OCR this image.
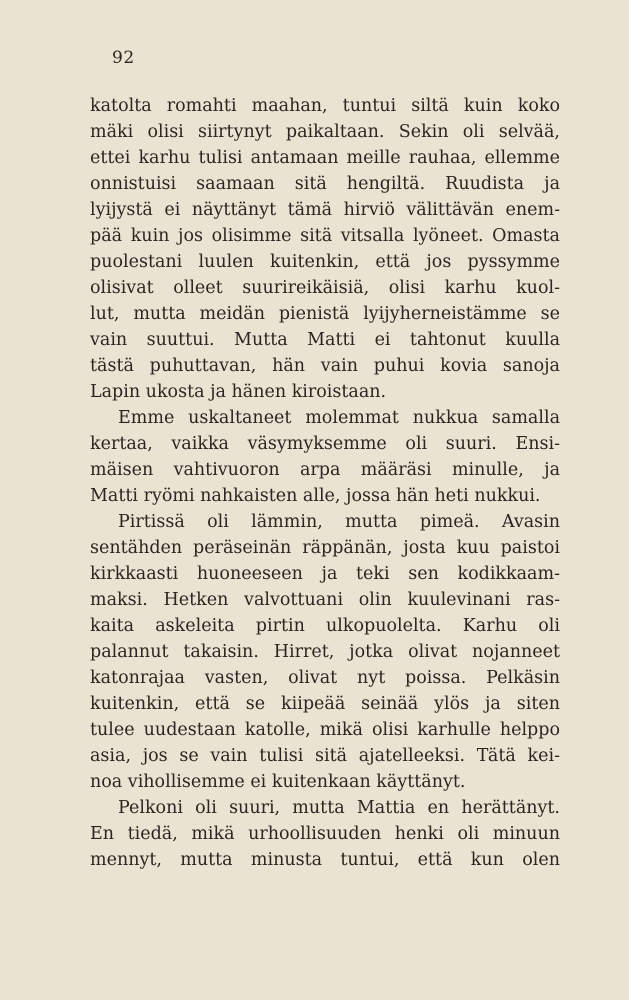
92
katolta romahti maahan, tuntui siltä kuin koko
mäki olisi siirtynyt paikaltaan. Sekin oli selvää,
ettei karhu tulisi antamaan meille rauhaa, ellemme
onnistuisi saamaan sitä hengiltä. Ruudista ja
lyijystä ei näyttänyt tämä hirviö välittävän enem-
pää kuin jos olisimme sitä vitsalla lyöneet. Omasta
puolestani luulen kuitenkin, että jos pyssymme
olisivat olleet suurireikäisiä, olisi karhu kuol-
lut, mutta meidän pienistä lyijyherneistämme se
vain suuttui. Mutta Matti ei tahtonut kuulla
tästä puhuttavan, hän vain puhui kovia sanoja
Lapin ukosta ja hänen kiroistaan.
Emme uskaltaneet molemmat nukkua samalla
kertaa, vaikka väsymyksemme oli suuri. Ensi-
mäisen vahtivuoron arpa määräsi minulle, ja
Matti ryömi nahkaisten alle, jossa hän heti nukkui.
Pirtissä oli lämmin, mutta pimeä. Avasin
sentähden peräseinän räppänän, josta kuu paistoi
kirkkaasti huoneeseen ja teki sen kodikkaam-
maksi. Hetken valvottuani olin kuulevinani ras-
kaita askeleita pirtin ulkopuolelta. Karhu oli
palannut takaisin. Hirret, jotka olivat nojanneet
katonrajaa vasten, olivat nyt poissa. Pelkäsin
kuitenkin, että se kiipeää seinää ylös ja siten
tulee uudestaan katolle, mikä olisi karhulle helppo
asia, jos se vain tulisi sitä ajatelleeksi. Tätä kei-
noa vihollisemme ei kuitenkaan käyttänyt.
Pelkoni oli suuri, mutta Mattia en herättänyt.
En tiedä, mikä urhoollisuuden henki oli minuun
mennyt, mutta minusta tuntui, että kun olen
